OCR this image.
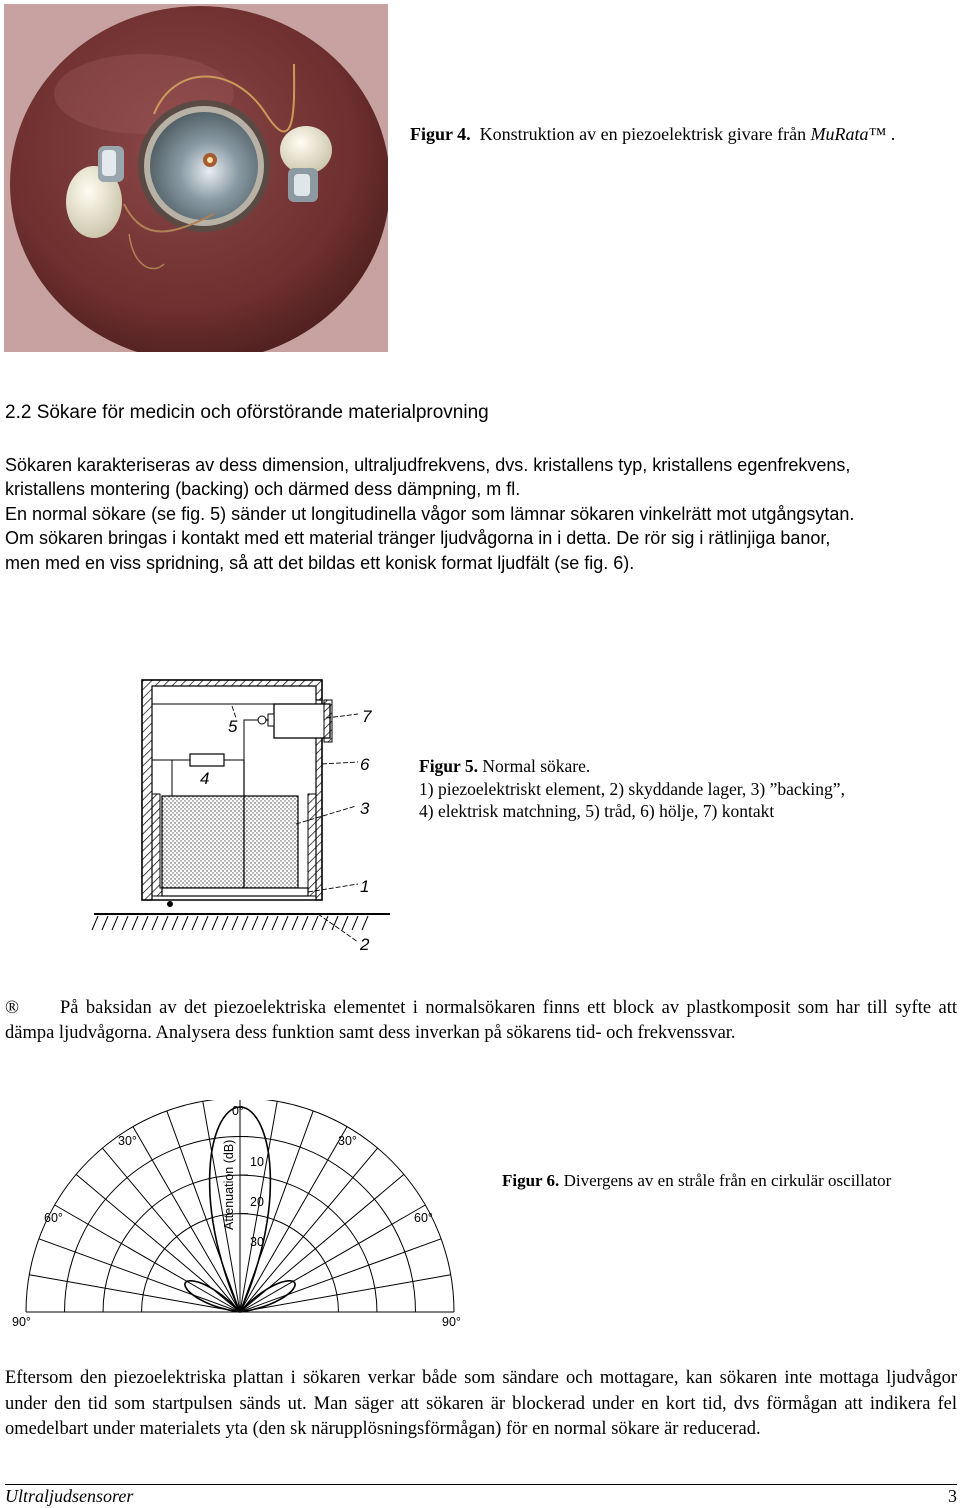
Figur 4. Konstruktion av en piezoelektrisk givare från MuRata™ .
2.2 Sökare för medicin och oförstörande materialprovning
Sökaren karakteriseras av dess dimension, ultraljudfrekvens, dvs. kristallens typ, kristallens egenfrekvens,
kristallens montering (backing) och därmed dess dämpning, m fl.
En normal sökare (se fig. 5) sänder ut longitudinella vågor som lämnar sökaren vinkelrätt mot utgångsytan.
Om sökaren bringas i kontakt med ett material tränger ljudvågorna in i detta. De rör sig i rätlinjiga banor,
men med en viss spridning, så att det bildas ett konisk format ljudfält (se fig. 6).
7
6
3
1
2
5
4
Figur 5. Normal sökare.
1) piezoelektriskt element, 2) skyddande lager, 3) ”backing”,
4) elektrisk matchning, 5) tråd, 6) hölje, 7) kontakt
® På baksidan av det piezoelektriska elementet i normalsökaren finns ett block av plastkomposit som har till syfte att dämpa ljudvågorna. Analysera dess funktion samt dess inverkan på sökarens tid- och frekvenssvar.
0°
30°	30°
60°	60°
90°	90°
10
20
30
Attenuation (dB)	Figur 6. Divergens av en stråle från en cirkulär oscillator
Eftersom den piezoelektriska plattan i sökaren verkar både som sändare och mottagare, kan sökaren inte mottaga ljudvågor under den tid som startpulsen sänds ut. Man säger att sökaren är blockerad under en kort tid, dvs förmågan att indikera fel omedelbart under materialets yta (den sk närupplösningsförmågan) för en normal sökare är reducerad.
Ultraljudsensorer	3
